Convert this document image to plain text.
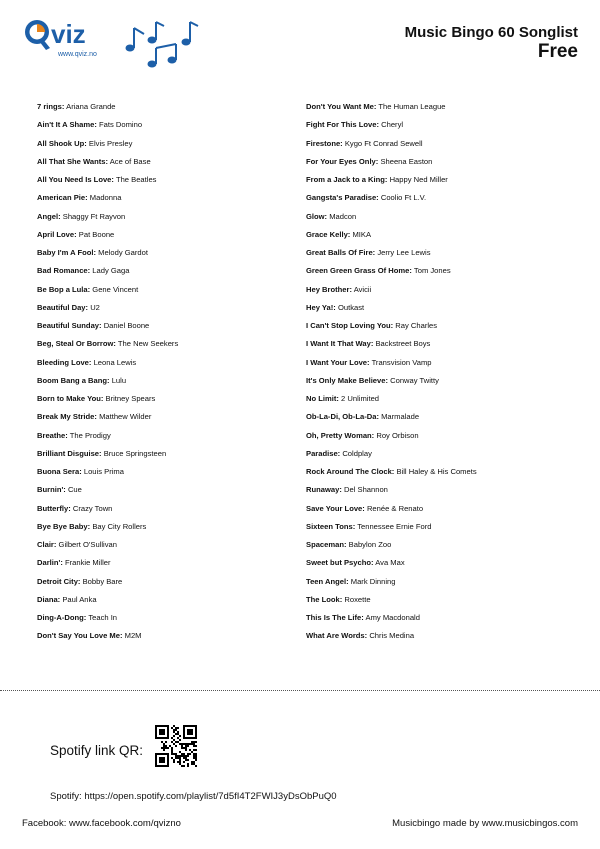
viz
www.qviz.no
Music Bingo 60 Songlist
Free
7 rings: Ariana Grande
Ain't It A Shame: Fats Domino
All Shook Up: Elvis Presley
All That She Wants: Ace of Base
All You Need Is Love: The Beatles
American Pie: Madonna
Angel: Shaggy Ft Rayvon
April Love: Pat Boone
Baby I'm A Fool: Melody Gardot
Bad Romance: Lady Gaga
Be Bop a Lula: Gene Vincent
Beautiful Day: U2
Beautiful Sunday: Daniel Boone
Beg, Steal Or Borrow: The New Seekers
Bleeding Love: Leona Lewis
Boom Bang a Bang: Lulu
Born to Make You: Britney Spears
Break My Stride: Matthew Wilder
Breathe: The Prodigy
Brilliant Disguise: Bruce Springsteen
Buona Sera: Louis Prima
Burnin': Cue
Butterfly: Crazy Town
Bye Bye Baby: Bay City Rollers
Clair: Gilbert O'Sullivan
Darlin': Frankie Miller
Detroit City: Bobby Bare
Diana: Paul Anka
Ding-A-Dong: Teach In
Don't Say You Love Me: M2M
Don't You Want Me: The Human League
Fight For This Love: Cheryl
Firestone: Kygo Ft Conrad Sewell
For Your Eyes Only: Sheena Easton
From a Jack to a King: Happy Ned Miller
Gangsta's Paradise: Coolio Ft L.V.
Glow: Madcon
Grace Kelly: MIKA
Great Balls Of Fire: Jerry Lee Lewis
Green Green Grass Of Home: Tom Jones
Hey Brother: Avicii
Hey Ya!: Outkast
I Can't Stop Loving You: Ray Charles
I Want It That Way: Backstreet Boys
I Want Your Love: Transvision Vamp
It's Only Make Believe: Conway Twitty
No Limit: 2 Unlimited
Ob-La-Di, Ob-La-Da: Marmalade
Oh, Pretty Woman: Roy Orbison
Paradise: Coldplay
Rock Around The Clock: Bill Haley & His Comets
Runaway: Del Shannon
Save Your Love: Renée & Renato
Sixteen Tons: Tennessee Ernie Ford
Spaceman: Babylon Zoo
Sweet but Psycho: Ava Max
Teen Angel: Mark Dinning
The Look: Roxette
This Is The Life: Amy Macdonald
What Are Words: Chris Medina
Spotify link QR:
Spotify: https://open.spotify.com/playlist/7d5fI4T2FWIJ3yDsObPuQ0
Facebook: www.facebook.com/qvizno	Musicbingo made by www.musicbingos.com
